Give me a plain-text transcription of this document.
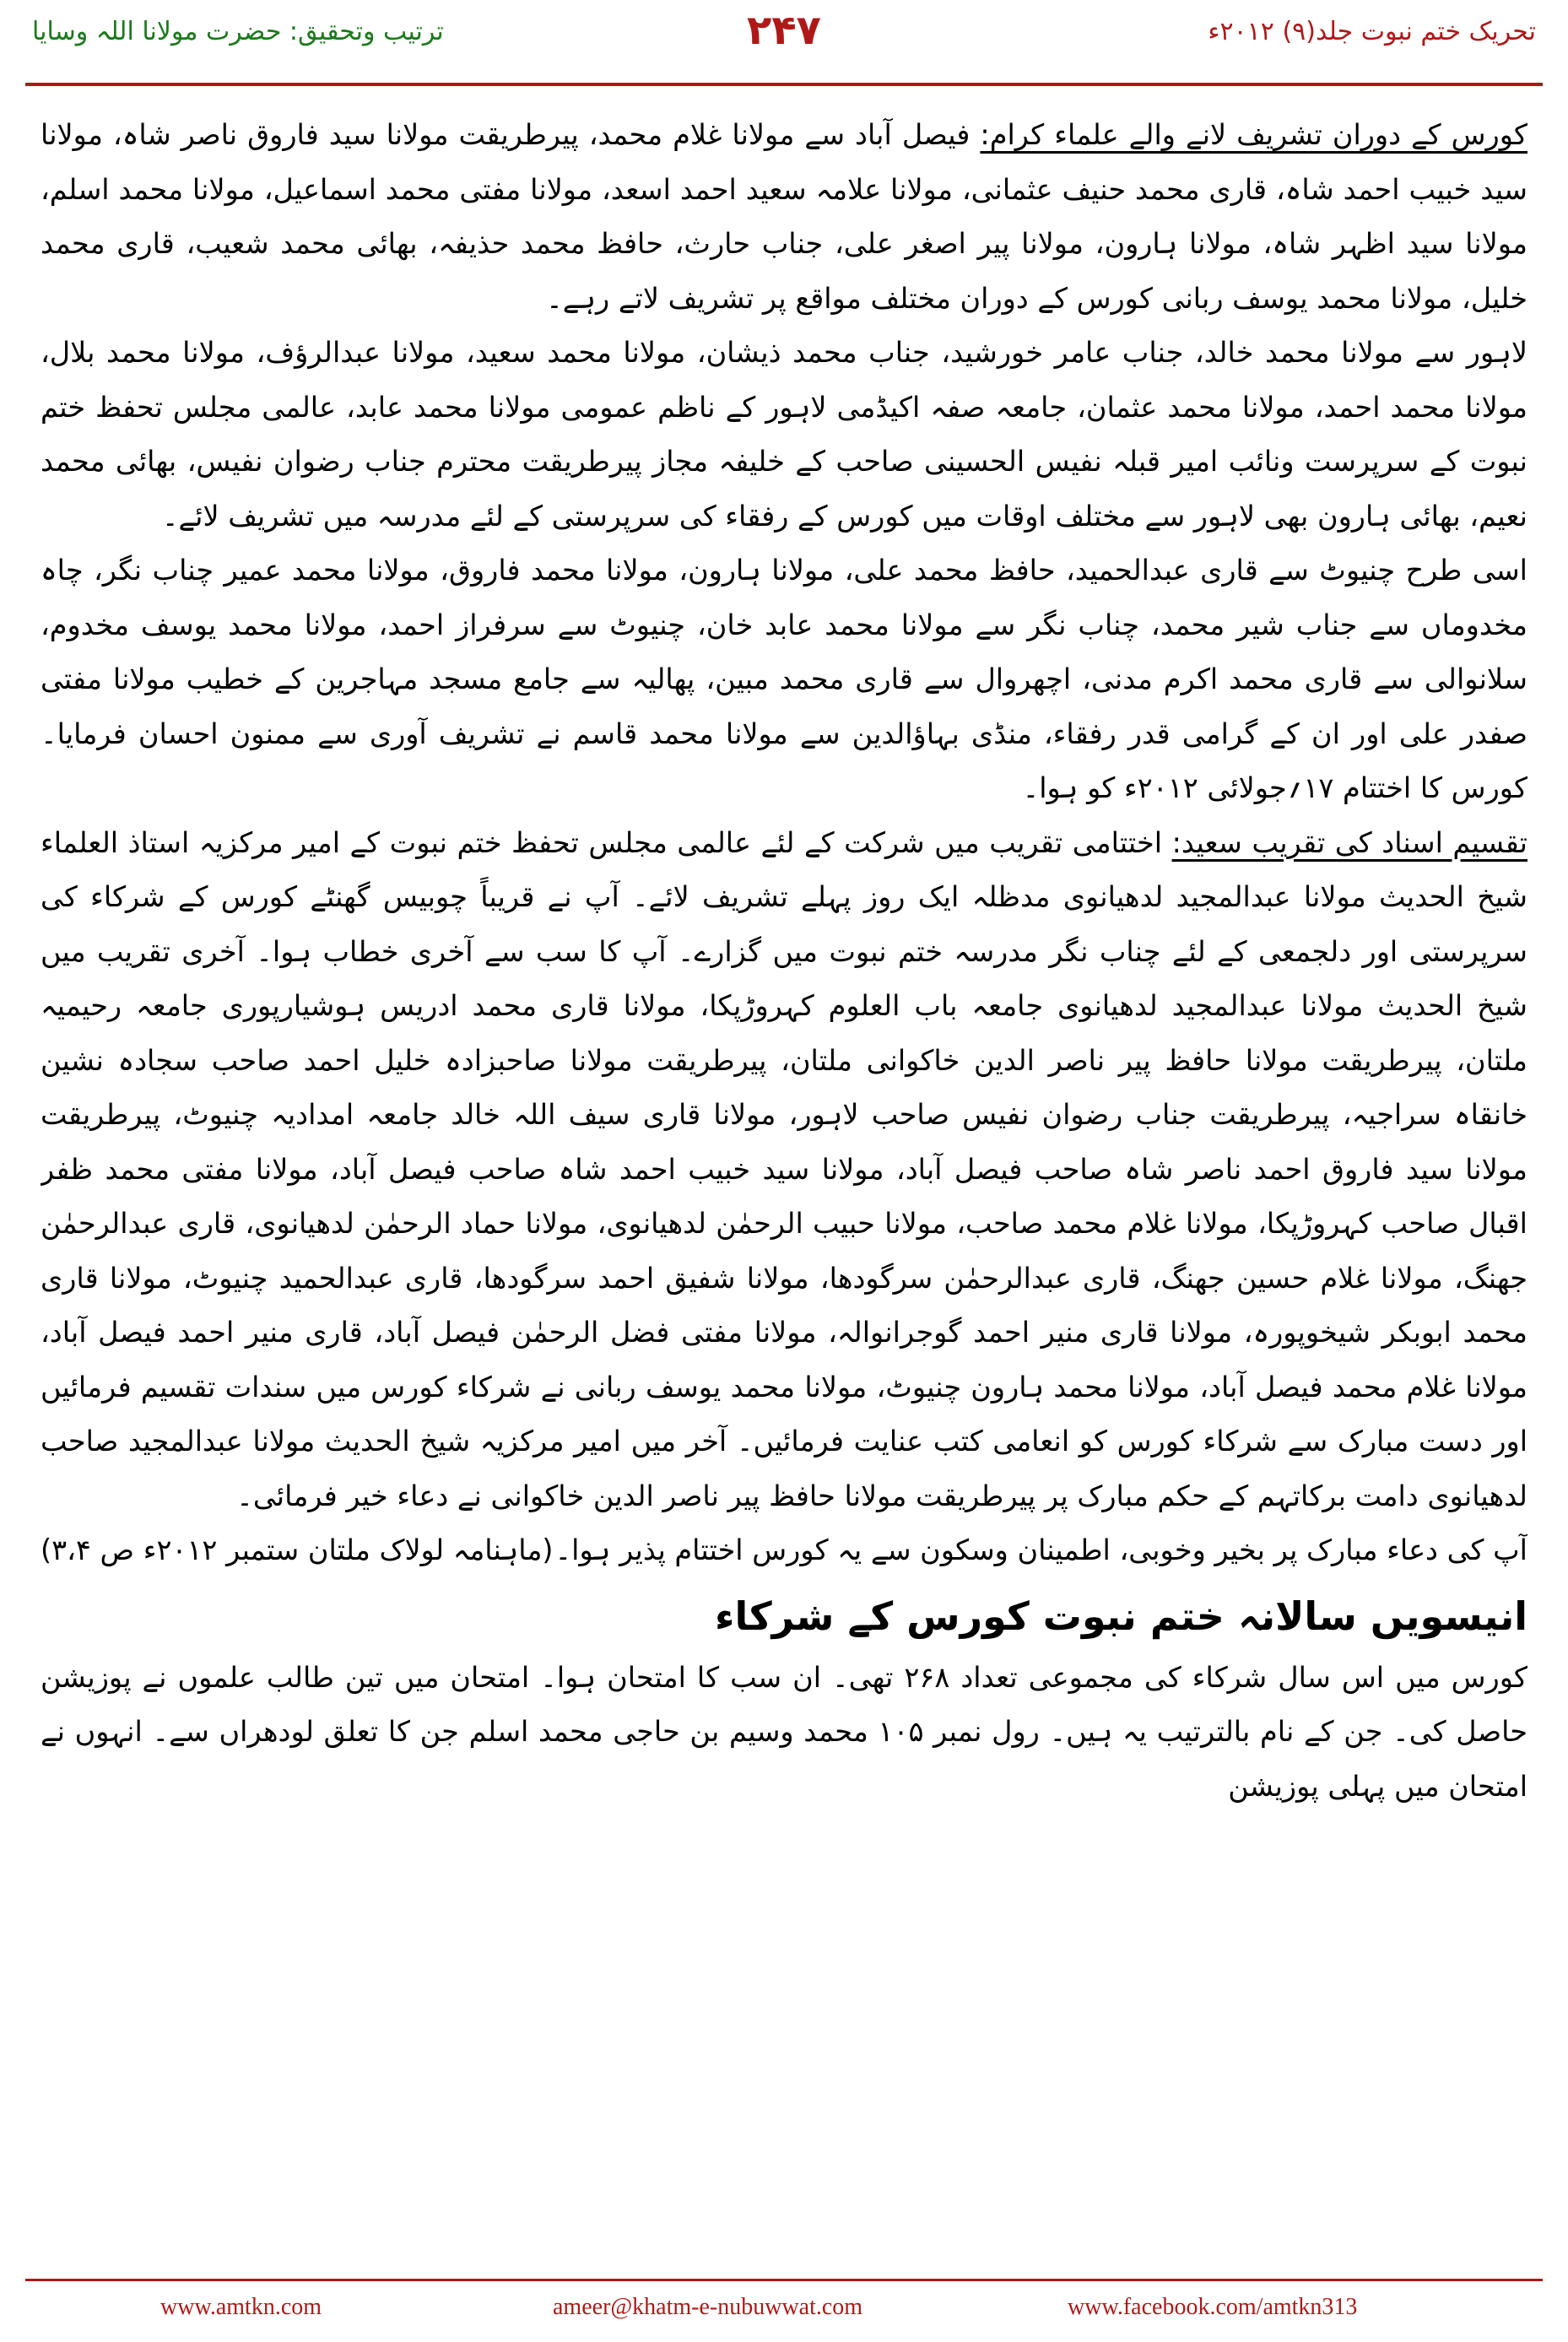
ترتیب وتحقیق: حضرت مولانا اللہ وسایا	۲۴۷	تحریک ختم نبوت جلد(۹) ۲۰۱۲ء

کورس کے دوران تشریف لانے والے علماء کرام: فیصل آباد سے مولانا غلام محمد، پیرطریقت مولانا سید فاروق ناصر شاہ، مولانا سید خبیب احمد شاہ، قاری محمد حنیف عثمانی، مولانا علامہ سعید احمد اسعد، مولانا مفتی محمد اسماعیل، مولانا محمد اسلم، مولانا سید اظہر شاہ، مولانا ہارون، مولانا پیر اصغر علی، جناب حارث، حافظ محمد حذیفہ، بھائی محمد شعیب، قاری محمد خلیل، مولانا محمد یوسف ربانی کورس کے دوران مختلف مواقع پر تشریف لاتے رہے۔

لاہور سے مولانا محمد خالد، جناب عامر خورشید، جناب محمد ذیشان، مولانا محمد سعید، مولانا عبدالرؤف، مولانا محمد بلال، مولانا محمد احمد، مولانا محمد عثمان، جامعہ صفہ اکیڈمی لاہور کے ناظم عمومی مولانا محمد عابد، عالمی مجلس تحفظ ختم نبوت کے سرپرست ونائب امیر قبلہ نفیس الحسینی صاحب کے خلیفہ مجاز پیرطریقت محترم جناب رضوان نفیس، بھائی محمد نعیم، بھائی ہارون بھی لاہور سے مختلف اوقات میں کورس کے رفقاء کی سرپرستی کے لئے مدرسہ میں تشریف لائے۔

اسی طرح چنیوٹ سے قاری عبدالحمید، حافظ محمد علی، مولانا ہارون، مولانا محمد فاروق، مولانا محمد عمیر چناب نگر، چاہ مخدوماں سے جناب شیر محمد، چناب نگر سے مولانا محمد عابد خان، چنیوٹ سے سرفراز احمد، مولانا محمد یوسف مخدوم، سلانوالی سے قاری محمد اکرم مدنی، اچھروال سے قاری محمد مبین، پھالیہ سے جامع مسجد مہاجرین کے خطیب مولانا مفتی صفدر علی اور ان کے گرامی قدر رفقاء، منڈی بہاؤالدین سے مولانا محمد قاسم نے تشریف آوری سے ممنون احسان فرمایا۔ کورس کا اختتام ۱۷؍جولائی ۲۰۱۲ء کو ہوا۔

تقسیم اسناد کی تقریب سعید: اختتامی تقریب میں شرکت کے لئے عالمی مجلس تحفظ ختم نبوت کے امیر مرکزیہ استاذ العلماء شیخ الحدیث مولانا عبدالمجید لدھیانوی مدظلہ ایک روز پہلے تشریف لائے۔ آپ نے قریباً چوبیس گھنٹے کورس کے شرکاء کی سرپرستی اور دلجمعی کے لئے چناب نگر مدرسہ ختم نبوت میں گزارے۔ آپ کا سب سے آخری خطاب ہوا۔ آخری تقریب میں شیخ الحدیث مولانا عبدالمجید لدھیانوی جامعہ باب العلوم کہروڑپکا، مولانا قاری محمد ادریس ہوشیارپوری جامعہ رحیمیہ ملتان، پیرطریقت مولانا حافظ پیر ناصر الدین خاکوانی ملتان، پیرطریقت مولانا صاحبزادہ خلیل احمد صاحب سجادہ نشین خانقاہ سراجیہ، پیرطریقت جناب رضوان نفیس صاحب لاہور، مولانا قاری سیف اللہ خالد جامعہ امدادیہ چنیوٹ، پیرطریقت مولانا سید فاروق احمد ناصر شاہ صاحب فیصل آباد، مولانا سید خبیب احمد شاہ صاحب فیصل آباد، مولانا مفتی محمد ظفر اقبال صاحب کہروڑپکا، مولانا غلام محمد صاحب، مولانا حبیب الرحمٰن لدھیانوی، مولانا حماد الرحمٰن لدھیانوی، قاری عبدالرحمٰن جھنگ، مولانا غلام حسین جھنگ، قاری عبدالرحمٰن سرگودھا، مولانا شفیق احمد سرگودھا، قاری عبدالحمید چنیوٹ، مولانا قاری محمد ابوبکر شیخوپورہ، مولانا قاری منیر احمد گوجرانوالہ، مولانا مفتی فضل الرحمٰن فیصل آباد، قاری منیر احمد فیصل آباد، مولانا غلام محمد فیصل آباد، مولانا محمد ہارون چنیوٹ، مولانا محمد یوسف ربانی نے شرکاء کورس میں سندات تقسیم فرمائیں اور دست مبارک سے شرکاء کورس کو انعامی کتب عنایت فرمائیں۔ آخر میں امیر مرکزیہ شیخ الحدیث مولانا عبدالمجید صاحب لدھیانوی دامت برکاتہم کے حکم مبارک پر پیرطریقت مولانا حافظ پیر ناصر الدین خاکوانی نے دعاء خیر فرمائی۔

آپ کی دعاء مبارک پر بخیر وخوبی، اطمینان وسکون سے یہ کورس اختتام پذیر ہوا۔
(ماہنامہ لولاک ملتان ستمبر ۲۰۱۲ء ص ۳،۴)
انیسویں سالانہ ختم نبوت کورس کے شرکاء

کورس میں اس سال شرکاء کی مجموعی تعداد ۲۶۸ تھی۔ ان سب کا امتحان ہوا۔ امتحان میں تین طالب علموں نے پوزیشن حاصل کی۔ جن کے نام بالترتیب یہ ہیں۔ رول نمبر ۱۰۵ محمد وسیم بن حاجی محمد اسلم جن کا تعلق لودھراں سے۔ انہوں نے امتحان میں پہلی پوزیشن

www.amtkn.com	ameer@khatm-e-nubuwwat.com	www.facebook.com/amtkn313
